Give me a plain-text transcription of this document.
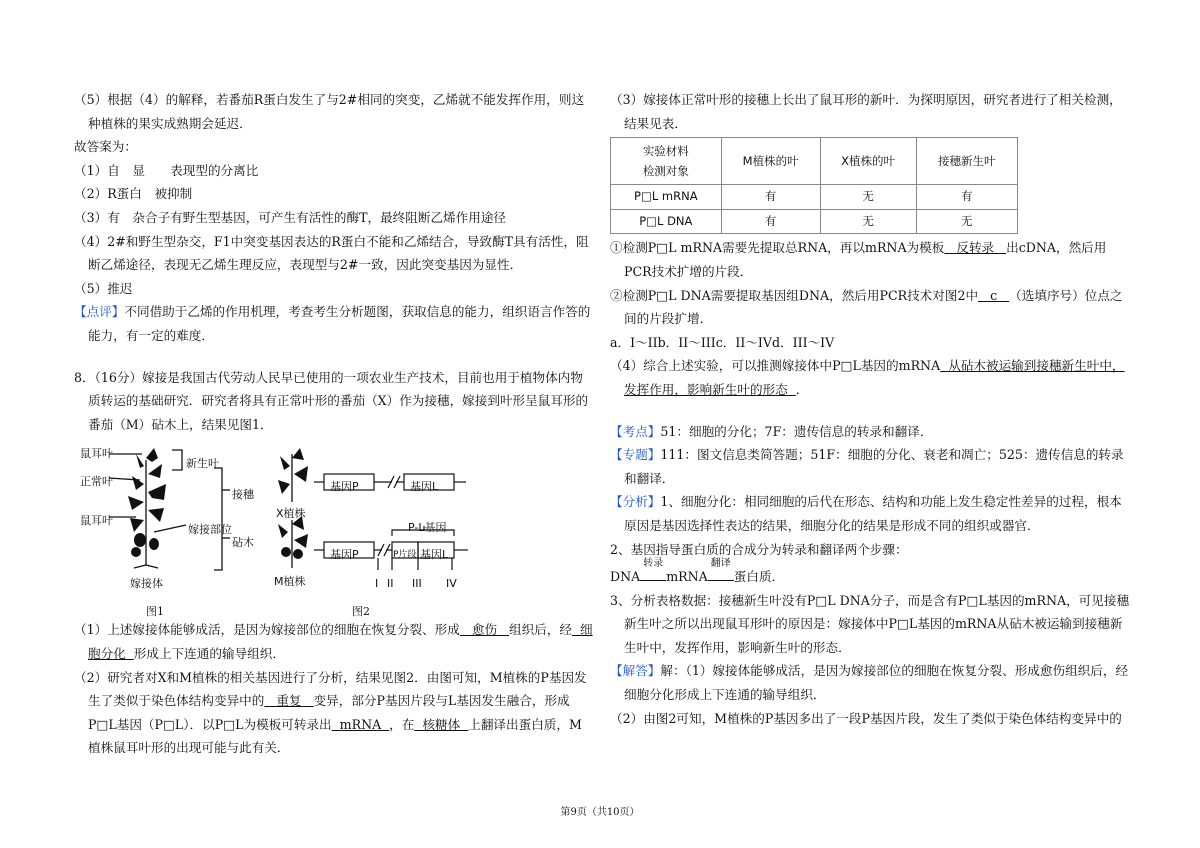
（5）根据（4）的解释，若番茄R蛋白发生了与2#相同的突变，乙烯就不能发挥作用，则这种植株的果实成熟期会延迟．

故答案为：

（1）自　显　　表现型的分离比

（2）R蛋白　被抑制

（3）有　杂合子有野生型基因，可产生有活性的酶T，最终阻断乙烯作用途径

（4）2#和野生型杂交，F1中突变基因表达的R蛋白不能和乙烯结合，导致酶T具有活性，阻断乙烯途径，表现无乙烯生理反应，表现型与2#一致，因此突变基因为显性．

（5）推迟

【点评】不同借助于乙烯的作用机理，考查考生分析题图，获取信息的能力，组织语言作答的能力，有一定的难度．

8．（16分）嫁接是我国古代劳动人民早已使用的一项农业生产技术，目前也用于植物体内物质转运的基础研究．研究者将具有正常叶形的番茄（X）作为接穗，嫁接到叶形呈鼠耳形的番茄（M）砧木上，结果见图1．

鼠耳叶
正常叶
鼠耳叶
新生叶
嫁接部位
接穗
砧木
嫁接体
X植株
M植株
基因P	基因L
基因P
P-L基因
P片段 基因L
I II III IV
图1	图2

（1）上述嫁接体能够成活，是因为嫁接部位的细胞在恢复分裂、形成 愈伤 组织后，经 细胞分化 形成上下连通的输导组织．

（2）研究者对X和M植株的相关基因进行了分析，结果见图2．由图可知，M植株的P基因发生了类似于染色体结构变异中的 重复 变异，部分P基因片段与L基因发生融合，形成P□L基因（P□L）．以P□L为模板可转录出 mRNA ，在 核糖体 上翻译出蛋白质，M植株鼠耳叶形的出现可能与此有关．

（3）嫁接体正常叶形的接穗上长出了鼠耳形的新叶．为探明原因，研究者进行了相关检测，结果见表．

实验材料
检测对象	M植株的叶	X植株的叶	接穗新生叶
P□L mRNA	有	无	有
P□L DNA	有	无	无

①检测P□L mRNA需要先提取总RNA，再以mRNA为模板 反转录 出cDNA，然后用PCR技术扩增的片段．

②检测P□L DNA需要提取基因组DNA，然后用PCR技术对图2中 c （选填序号）位点之间的片段扩增．

a．I～IIb．II～IIIc．II～IVd．III～IV

（4）综合上述实验，可以推测嫁接体中P□L基因的mRNA 从砧木被运输到接穗新生叶中，发挥作用，影响新生叶的形态 ．

【考点】51：细胞的分化；7F：遗传信息的转录和翻译．

【专题】111：图文信息类简答题；51F：细胞的分化、衰老和凋亡；525：遗传信息的转录和翻译．

【分析】1、细胞分化：相同细胞的后代在形态、结构和功能上发生稳定性差异的过程，根本原因是基因选择性表达的结果，细胞分化的结果是形成不同的组织或器官．

2、基因指导蛋白质的合成分为转录和翻译两个步骤：

DNA
转录
mRNA
翻译
蛋白质．

3、分析表格数据：接穗新生叶没有P□L DNA分子，而是含有P□L基因的mRNA，可见接穗新生叶之所以出现鼠耳形叶的原因是：嫁接体中P□L基因的mRNA从砧木被运输到接穗新生叶中，发挥作用，影响新生叶的形态．

【解答】解：（1）嫁接体能够成活，是因为嫁接部位的细胞在恢复分裂、形成愈伤组织后，经细胞分化形成上下连通的输导组织．

（2）由图2可知，M植株的P基因多出了一段P基因片段，发生了类似于染色体结构变异中的

第9页（共10页）
